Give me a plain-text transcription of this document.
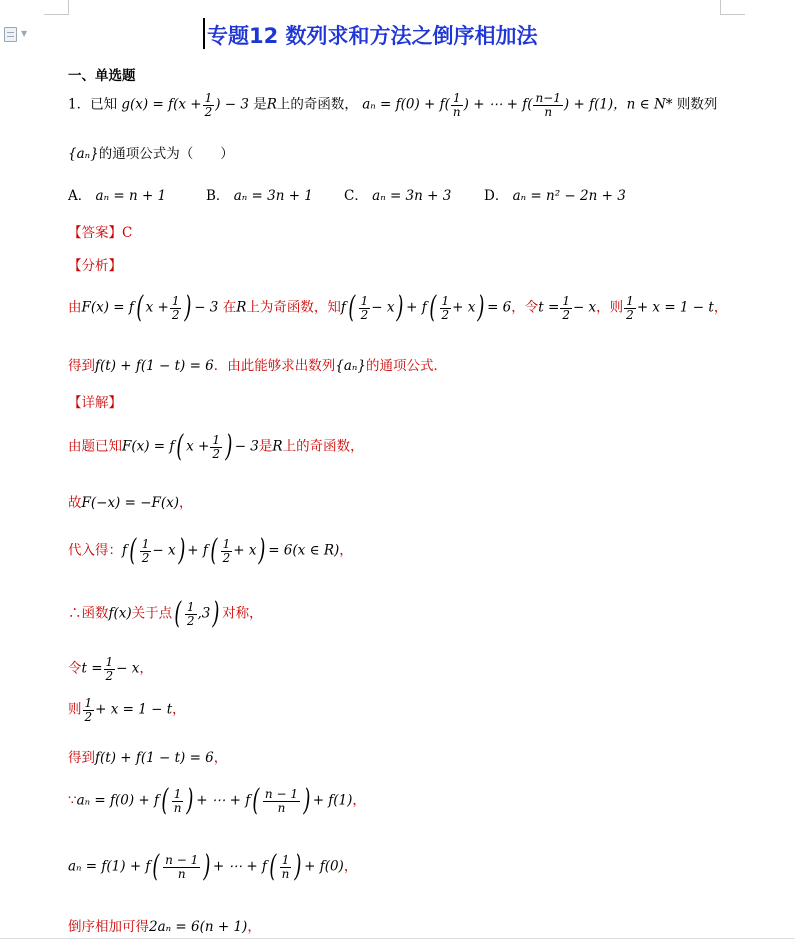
▼	专题12 数列求和方法之倒序相加法
一、单选题
1．已知 $g(x) = f(x + \frac{1}{2}$ ) − 3 是R上的奇函数， $a_n = f(0) + f( \frac{1}{n}$ ) + ⋯ + $f( \frac{n-1}{n}$ ) + f(1)，n ∈ N* 则数列
{aₙ}的通项公式为（　　）
A． aₙ = n + 1	B． aₙ = 3n + 1 C． aₙ = 3n + 3 D． aₙ = n² − 2n + 3
【答案】C
【分析】
由F(x) = f( $x + \frac{1}{2}$ ) − 3 在R上为奇函数，知$f( \frac{1}{2} - x) + f( \frac{1}{2} + x) = 6$，令$t = \frac{1}{2} - x$，则 $\frac{1}{2} + x = 1 - t$，
得到f(t) + f(1 − t) = 6．由此能够求出数列{aₙ}的通项公式．
【详解】
由题已知F(x) = f( $x + \frac{1}{2}$ ) − 3是R上的奇函数，
故F(−x) = −F(x)，
代入得：$f( \frac{1}{2} - x) + f( \frac{1}{2} + x) = 6(x$ ∈ R)，
∴函数f(x)关于点( $\frac{1}{2} ,3$) 对称，
令$t = \frac{1}{2} - x$，
则 $\frac{1}{2} + x = 1 - t$，
得到f(t) + f(1 − t) = 6，
∵aₙ = $f(0) + f( \frac{1}{n}$ ) + ⋯ + $f( \frac{n - 1}{n}$ ) + f(1)，
$a_n = f(1) + f( \frac{n - 1}{n}$ ) + ⋯ + $f( \frac{1}{n}$ ) + f(0)，
倒序相加可得2aₙ = 6(n + 1)，
